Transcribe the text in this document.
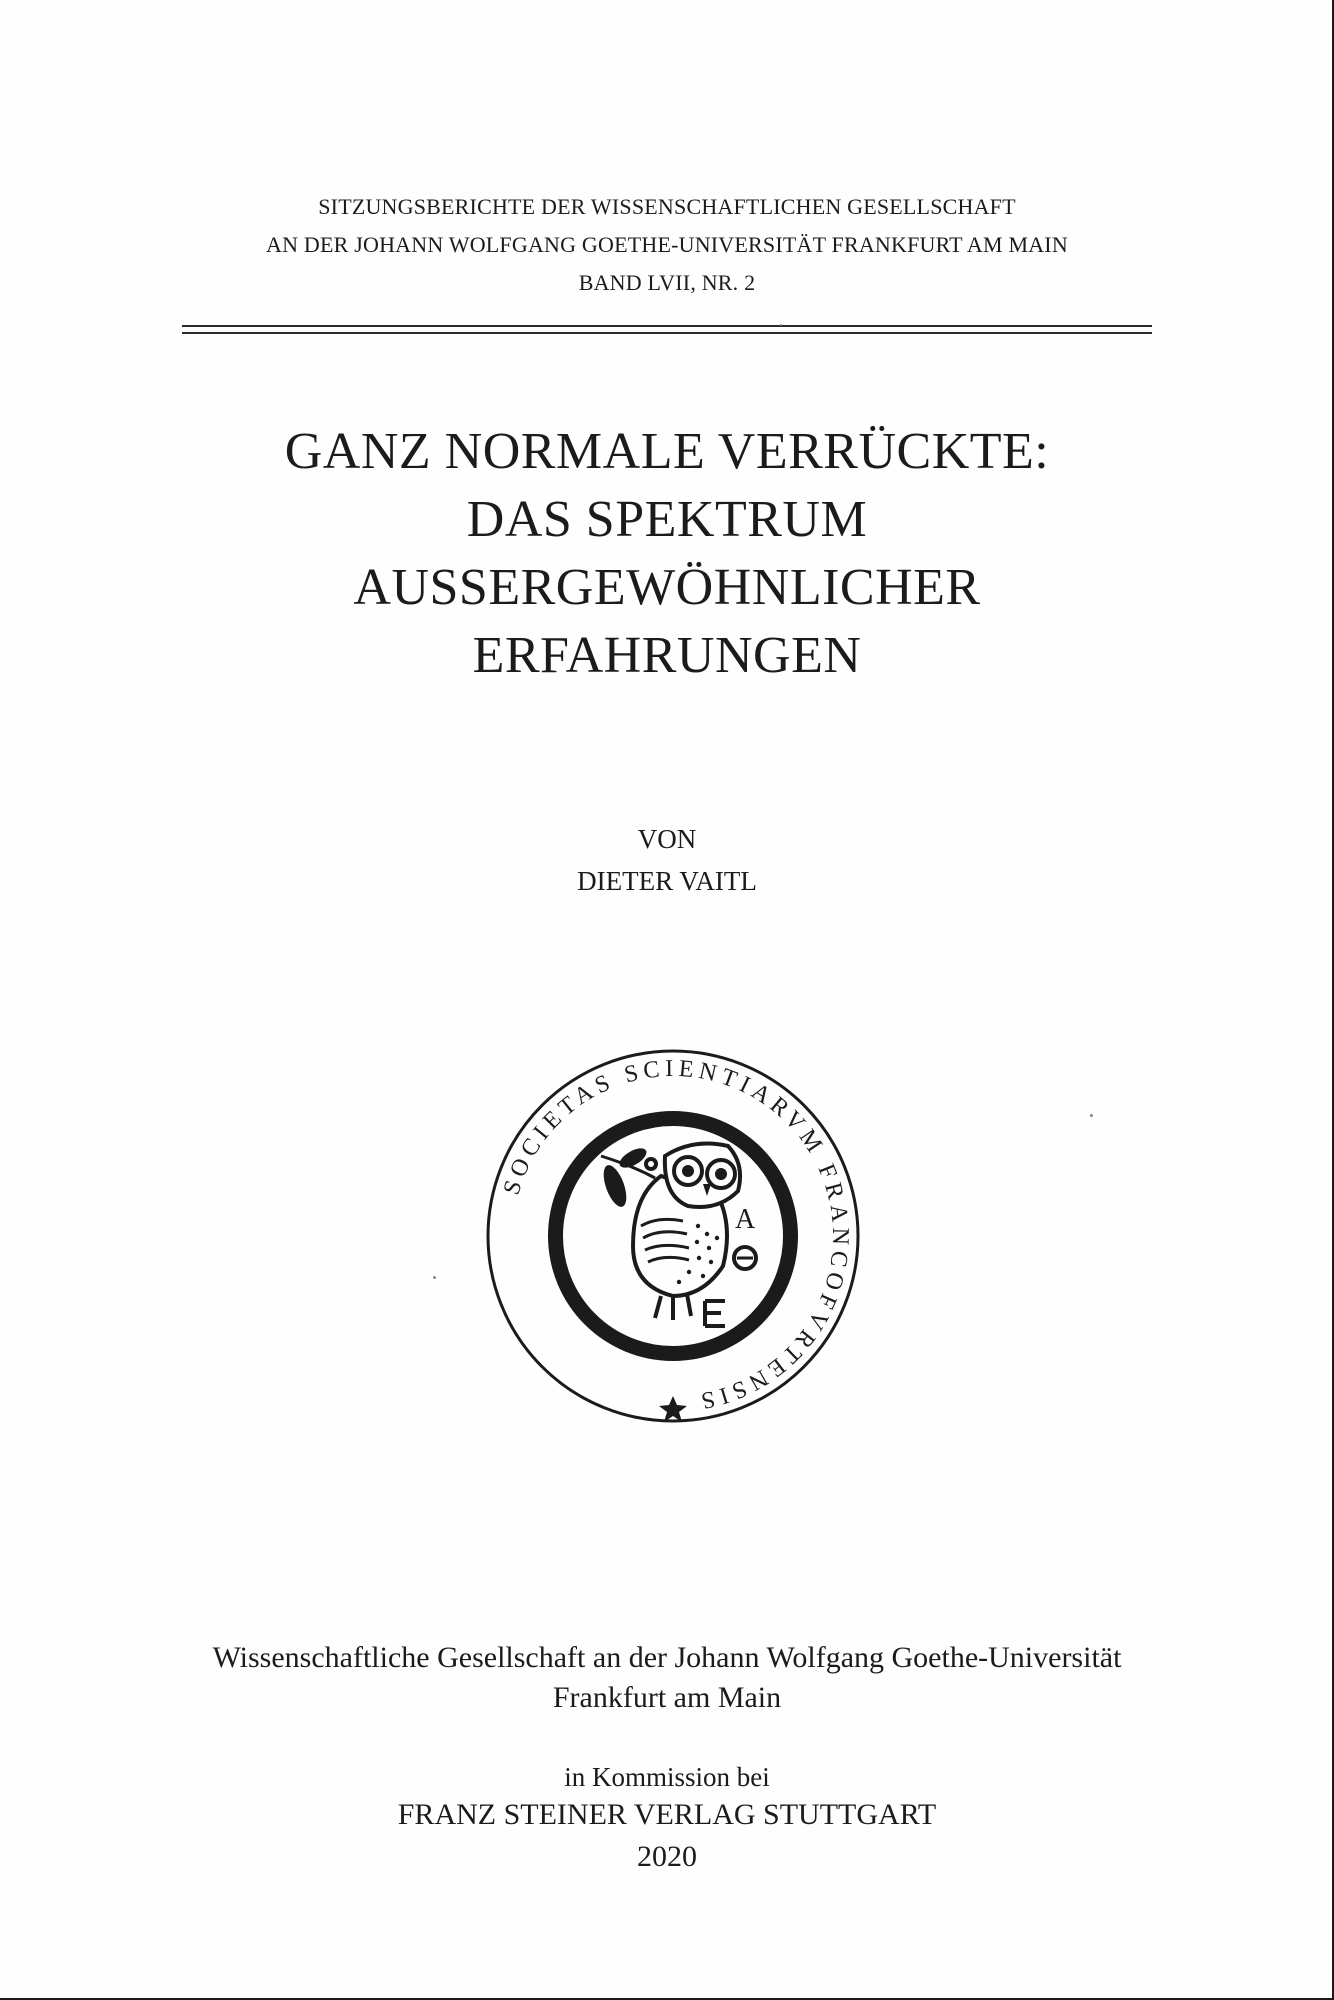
SITZUNGSBERICHTE DER WISSENSCHAFTLICHEN GESELLSCHAFT
AN DER JOHANN WOLFGANG GOETHE-UNIVERSITÄT FRANKFURT AM MAIN
BAND LVII, NR. 2
GANZ NORMALE VERRÜCKTE:
DAS SPEKTRUM
AUSSERGEWÖHNLICHER
ERFAHRUNGEN
VON
DIETER VAITL
SOCIETAS SCIENTIARVM FRANCOFVRTENSIS
A
Wissenschaftliche Gesellschaft an der Johann Wolfgang Goethe-Universität
Frankfurt am Main
in Kommission bei
FRANZ STEINER VERLAG STUTTGART
2020
